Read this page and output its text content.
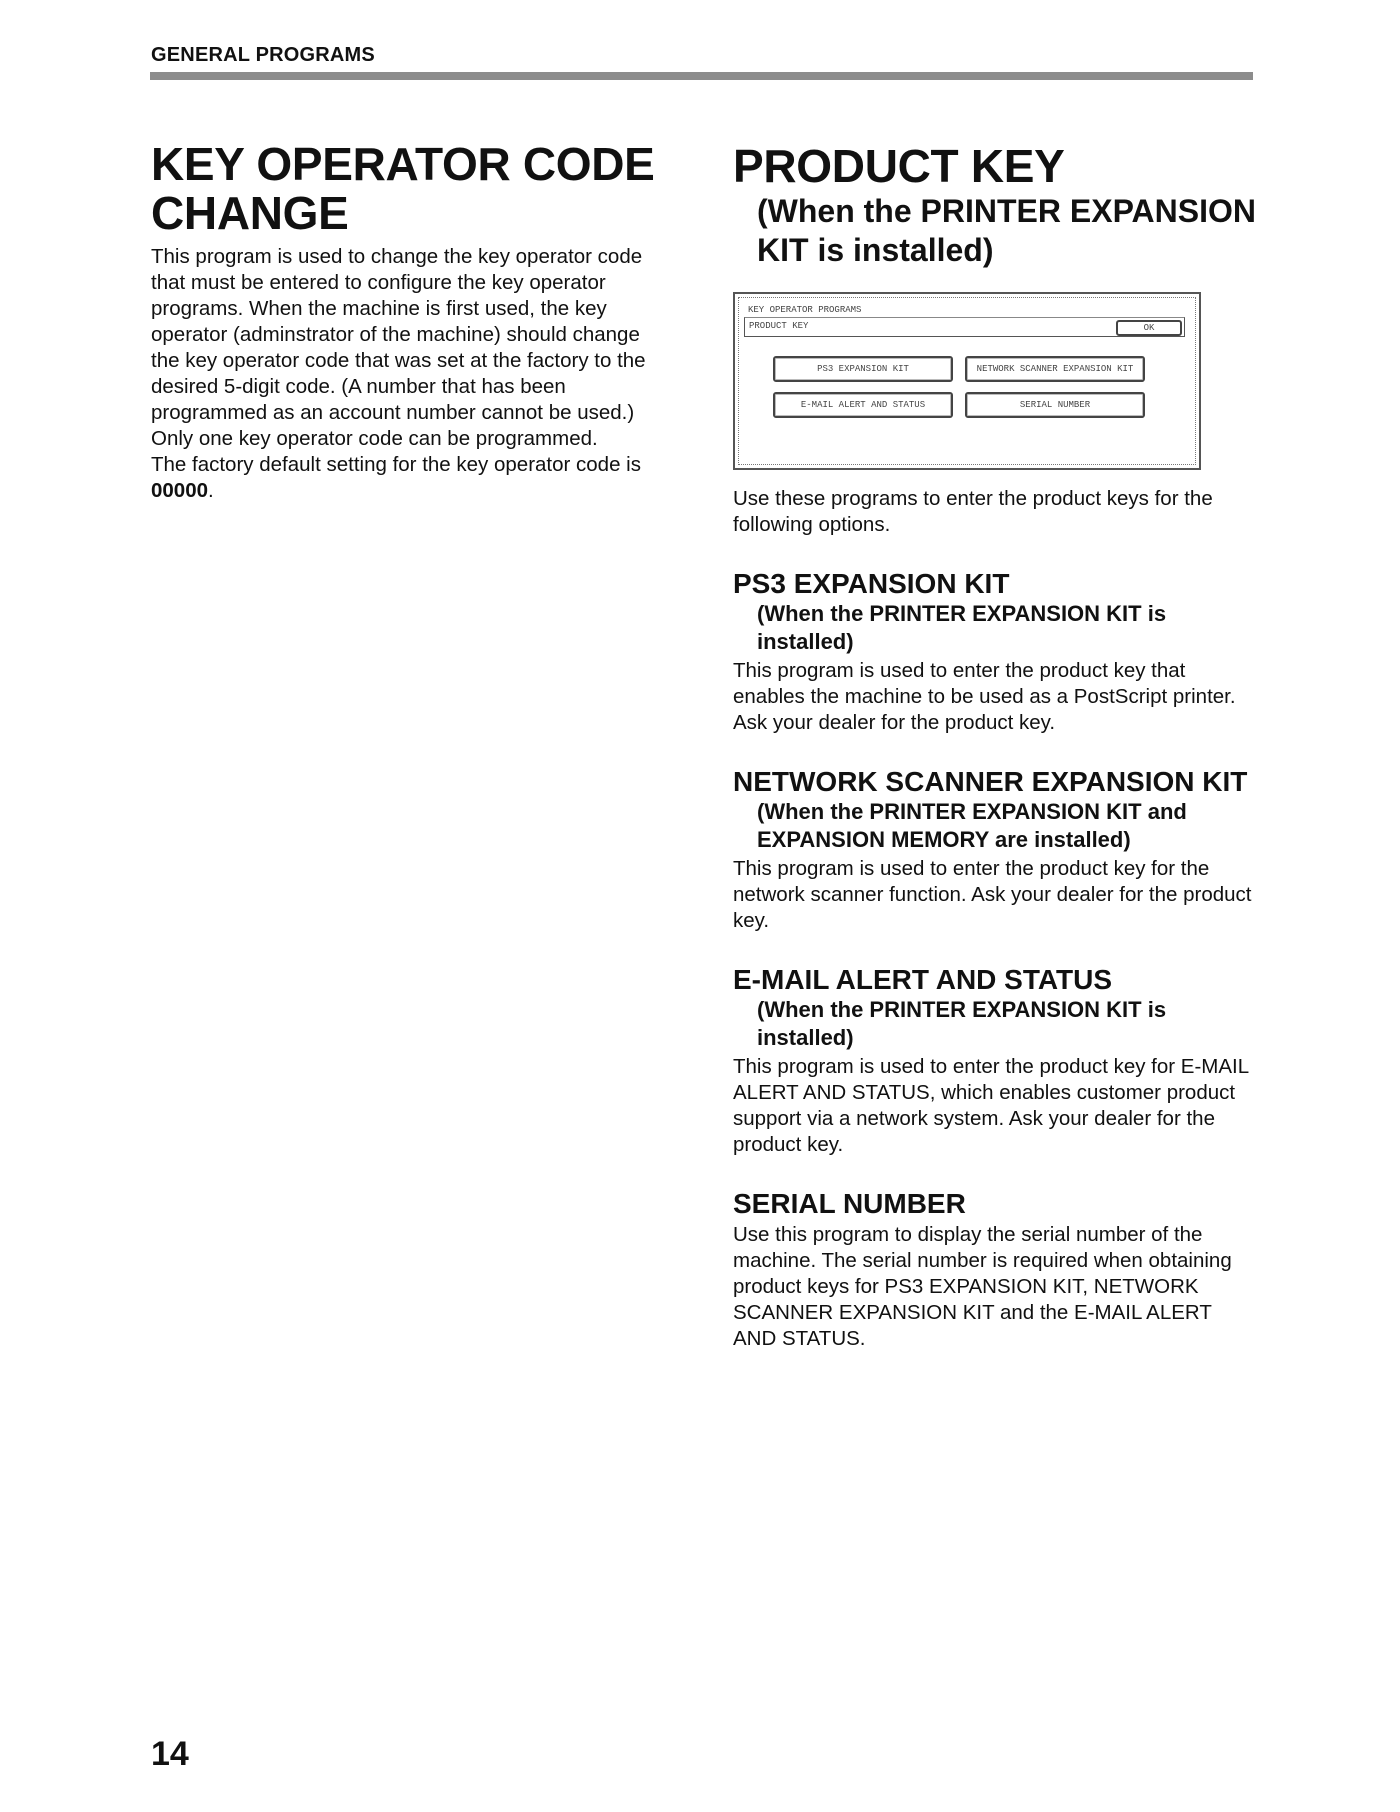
GENERAL PROGRAMS
KEY OPERATOR CODE CHANGE

This program is used to change the key operator code that must be entered to configure the key operator programs. When the machine is first used, the key operator (adminstrator of the machine) should change the key operator code that was set at the factory to the desired 5-digit code. (A number that has been programmed as an account number cannot be used.) Only one key operator code can be programmed.
The factory default setting for the key operator code is 00000.

PRODUCT KEY
(When the PRINTER EXPANSION KIT is installed)
KEY OPERATOR PROGRAMS
PRODUCT KEY	OK
PS3 EXPANSION KIT	NETWORK SCANNER EXPANSION KIT
E-MAIL ALERT AND STATUS	SERIAL NUMBER

Use these programs to enter the product keys for the following options.

PS3 EXPANSION KIT
(When the PRINTER EXPANSION KIT is installed)

This program is used to enter the product key that enables the machine to be used as a PostScript printer. Ask your dealer for the product key.

NETWORK SCANNER EXPANSION KIT
(When the PRINTER EXPANSION KIT and EXPANSION MEMORY are installed)

This program is used to enter the product key for the network scanner function. Ask your dealer for the product key.

E-MAIL ALERT AND STATUS
(When the PRINTER EXPANSION KIT is installed)

This program is used to enter the product key for E-MAIL ALERT AND STATUS, which enables customer product support via a network system. Ask your dealer for the product key.

SERIAL NUMBER

Use this program to display the serial number of the machine. The serial number is required when obtaining product keys for PS3 EXPANSION KIT, NETWORK SCANNER EXPANSION KIT and the E-MAIL ALERT AND STATUS.

14
